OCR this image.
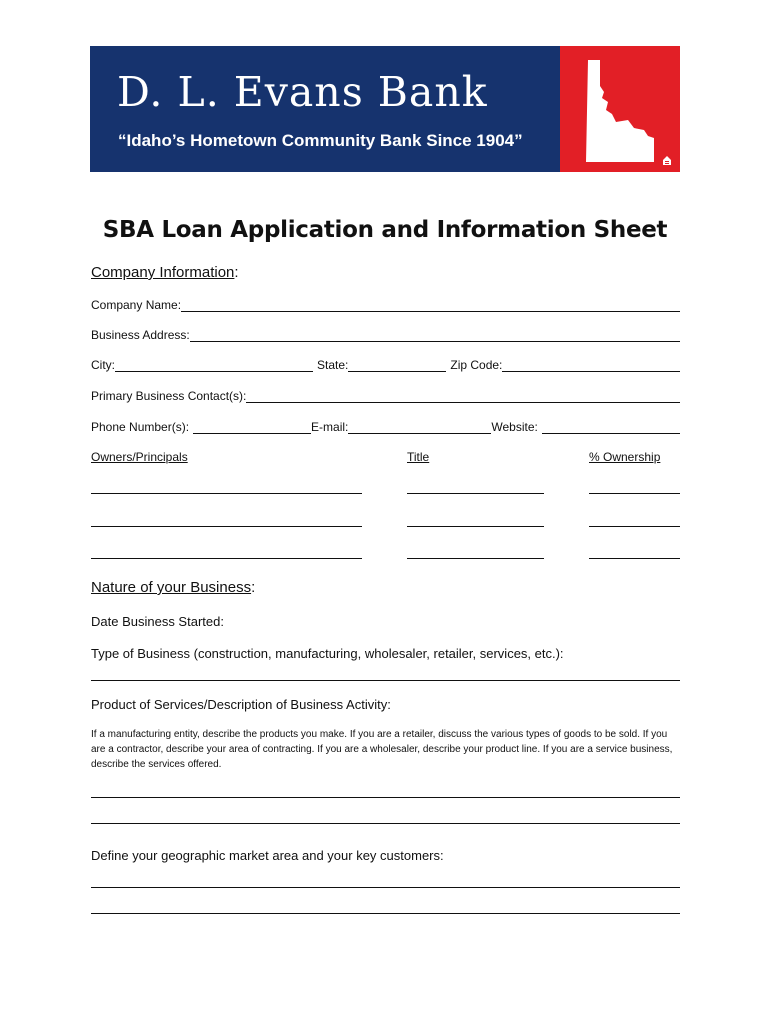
D. L. Evans Bank
“Idaho’s Hometown Community Bank Since 1904”
FDIC
SBA Loan Application and Information Sheet
Company Information:
Company Name:
Business Address:
City:	State:	Zip Code:
Primary Business Contact(s):
Phone Number(s):	E-mail:	Website:
Owners/Principals	Title	% Ownership
Nature of your Business:
Date Business Started:
Type of Business (construction, manufacturing, wholesaler, retailer, services, etc.):
Product of Services/Description of Business Activity:
If a manufacturing entity, describe the products you make. If you are a retailer, discuss the various types of goods to be sold. If you are a contractor, describe your area of contracting. If you are a wholesaler, describe your product line. If you are a service business, describe the services offered.
Define your geographic market area and your key customers:
